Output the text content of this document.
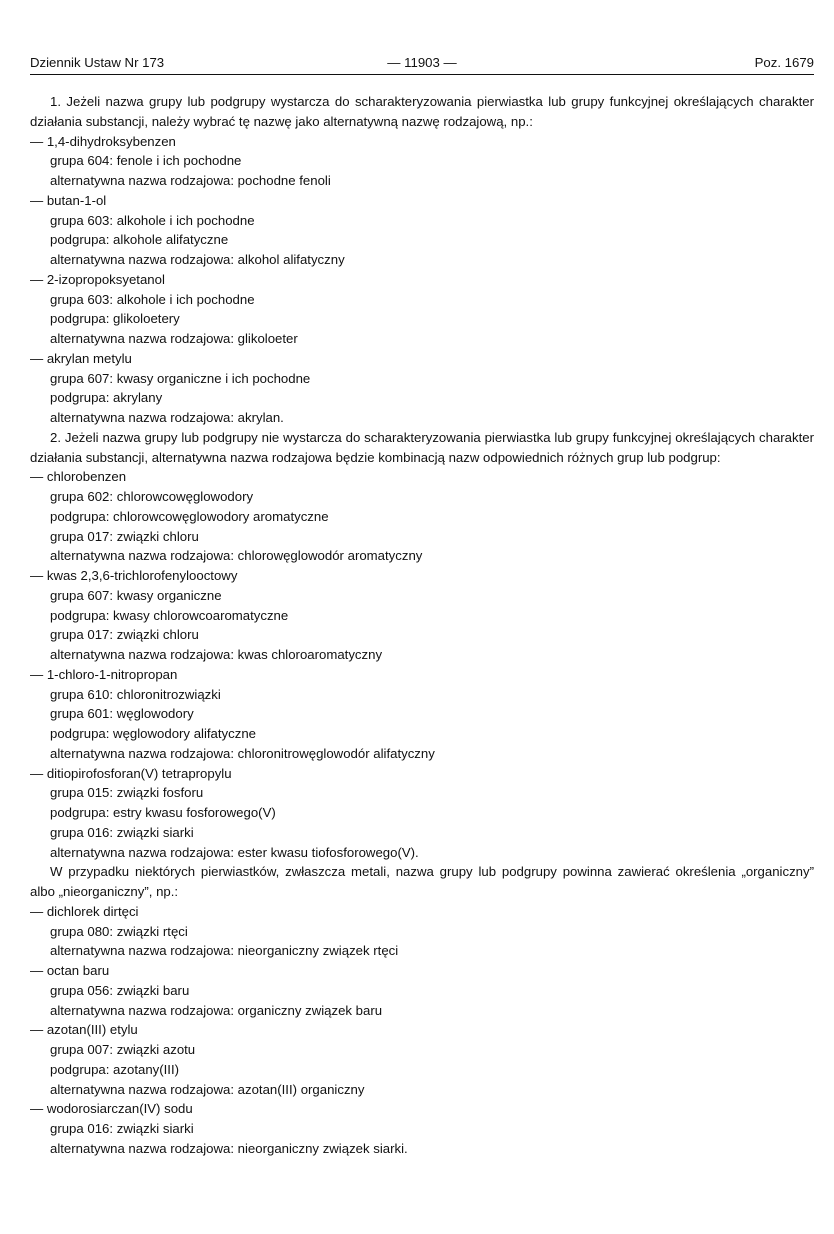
Dziennik Ustaw Nr 173	— 11903 —	Poz. 1679

1. Jeżeli nazwa grupy lub podgrupy wystarcza do scharakteryzowania pierwiastka lub grupy funkcyjnej określających charakter działania substancji, należy wybrać tę nazwę jako alternatywną nazwę rodzajową, np.:

— 1,4-dihydroksybenzen

grupa 604: fenole i ich pochodne

alternatywna nazwa rodzajowa: pochodne fenoli

— butan-1-ol

grupa 603: alkohole i ich pochodne

podgrupa: alkohole alifatyczne

alternatywna nazwa rodzajowa: alkohol alifatyczny

— 2-izopropoksyetanol

grupa 603: alkohole i ich pochodne

podgrupa: glikoloetery

alternatywna nazwa rodzajowa: glikoloeter

— akrylan metylu

grupa 607: kwasy organiczne i ich pochodne

podgrupa: akrylany

alternatywna nazwa rodzajowa: akrylan.

2. Jeżeli nazwa grupy lub podgrupy nie wystarcza do scharakteryzowania pierwiastka lub grupy funkcyjnej określających charakter działania substancji, alternatywna nazwa rodzajowa będzie kombinacją nazw odpowiednich różnych grup lub podgrup:

— chlorobenzen

grupa 602: chlorowcowęglowodory

podgrupa: chlorowcowęglowodory aromatyczne

grupa 017: związki chloru

alternatywna nazwa rodzajowa: chlorowęglowodór aromatyczny

— kwas 2,3,6-trichlorofenylooctowy

grupa 607: kwasy organiczne

podgrupa: kwasy chlorowcoaromatyczne

grupa 017: związki chloru

alternatywna nazwa rodzajowa: kwas chloroaromatyczny

— 1-chloro-1-nitropropan

grupa 610: chloronitrozwiązki

grupa 601: węglowodory

podgrupa: węglowodory alifatyczne

alternatywna nazwa rodzajowa: chloronitrowęglowodór alifatyczny

— ditiopirofosforan(V) tetrapropylu

grupa 015: związki fosforu

podgrupa: estry kwasu fosforowego(V)

grupa 016: związki siarki

alternatywna nazwa rodzajowa: ester kwasu tiofosforowego(V).

W przypadku niektórych pierwiastków, zwłaszcza metali, nazwa grupy lub podgrupy powinna zawierać określenia „organiczny” albo „nieorganiczny”, np.:

— dichlorek dirtęci

grupa 080: związki rtęci

alternatywna nazwa rodzajowa: nieorganiczny związek rtęci

— octan baru

grupa 056: związki baru

alternatywna nazwa rodzajowa: organiczny związek baru

— azotan(III) etylu

grupa 007: związki azotu

podgrupa: azotany(III)

alternatywna nazwa rodzajowa: azotan(III) organiczny

— wodorosiarczan(IV) sodu

grupa 016: związki siarki

alternatywna nazwa rodzajowa: nieorganiczny związek siarki.
